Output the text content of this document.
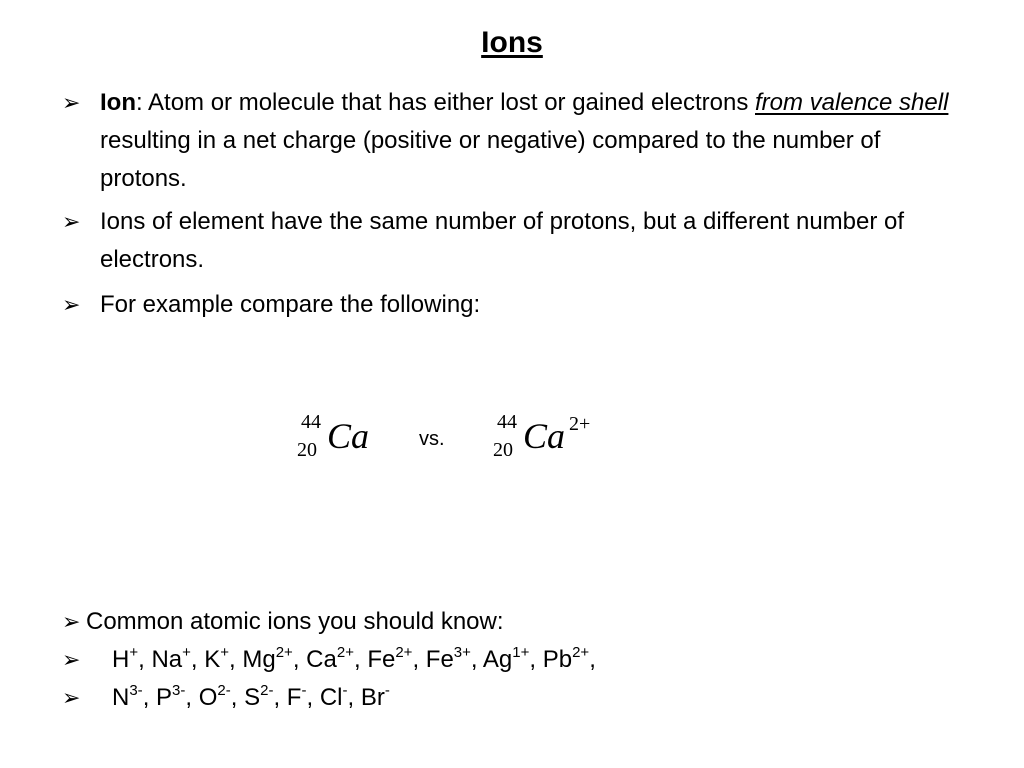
Ions
➢ Ion: Atom or molecule that has either lost or gained electrons from valence shell resulting in a net charge (positive or negative) compared to the number of protons.
➢ Ions of element have the same number of protons, but a different number of electrons.
➢ For example compare the following:
44
20 Ca vs.
44
20 Ca 2+
➢ Common atomic ions you should know:
➢ H+, Na+, K+, $Mg^{2+}$, $Ca^{2+}$, $Fe^{2+}$, $Fe^{3+}$, $Ag^{1+}$, $Pb^{2+}$,
➢ $N^{3-}$, $P^{3-}$, $O^{2-}$, $S^{2-}$, F-, Cl-, Br-
